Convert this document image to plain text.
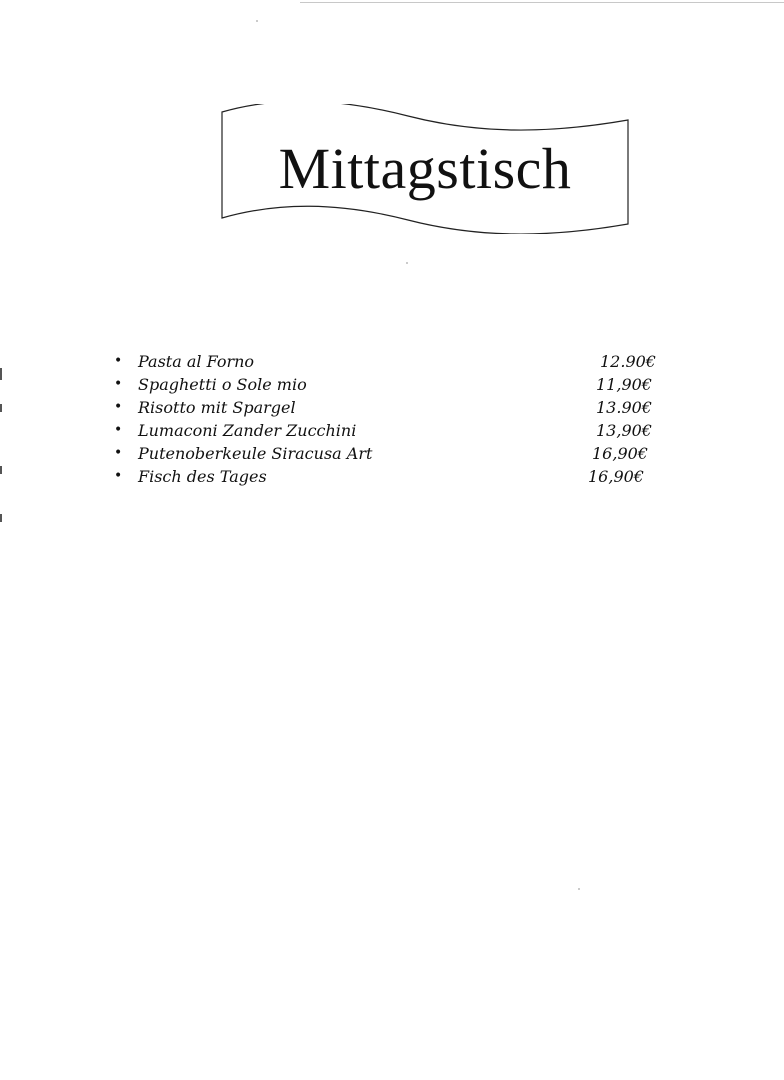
Mittagstisch
• Pasta al Forno	12.90€
• Spaghetti o Sole mio	11,90€
• Risotto mit Spargel	13.90€
• Lumaconi Zander Zucchini	13,90€
• Putenoberkeule Siracusa Art	16,90€
• Fisch des Tages	16,90€
